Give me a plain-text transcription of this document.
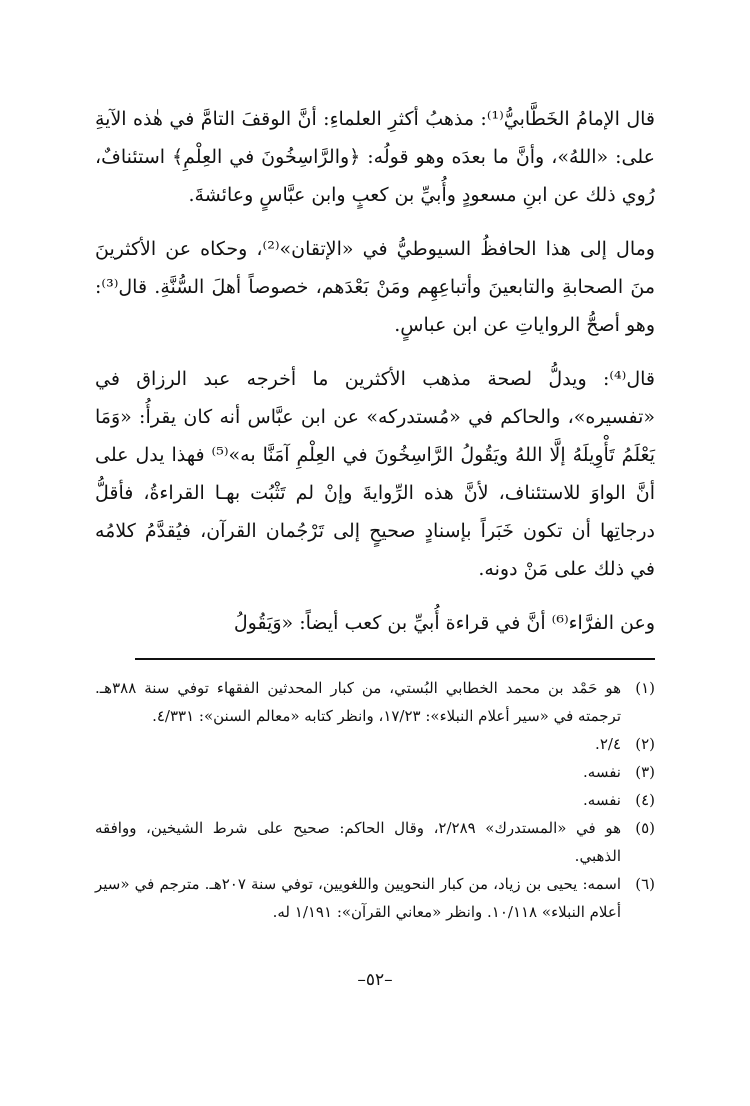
قال الإمامُ الخَطَّابيُّ⁽¹⁾: مذهبُ أكثرِ العلماءِ: أنَّ الوقفَ التامَّ في هٰذه الآيةِ على: «اللهُ»، وأنَّ ما بعدَه وهو قولُه: ﴿والرَّاسِخُونَ في العِلْمِ﴾ استئنافٌ، رُوي ذلك عن ابنِ مسعودٍ وأُبيِّ بن كعبٍ وابن عبَّاسٍ وعائشةَ.

ومال إلى هذا الحافظُ السيوطيُّ في «الإتقان»⁽²⁾، وحكاه عن الأكثرينَ منَ الصحابةِ والتابعينَ وأتباعِهِم ومَنْ بَعْدَهم، خصوصاً أهلَ السُّنَّةِ. قال⁽³⁾: وهو أصحُّ الرواياتِ عن ابن عباسٍ.

قال⁽⁴⁾: ويدلُّ لصحة مذهب الأكثرين ما أخرجه عبد الرزاق في «تفسيره»، والحاكم في «مُستدركه» عن ابن عبَّاس أنه كان يقرأُ: «وَمَا يَعْلَمُ تَأْوِيلَهُ إلَّا اللهُ ويَقُولُ الرَّاسِخُونَ في العِلْمِ آمَنَّا به»⁽⁵⁾ فهذا يدل على أنَّ الواوَ للاستئناف، لأنَّ هذه الرِّوايةَ وإنْ لم تَثْبُت بهـا القراءةُ، فأقلُّ درجاتِها أن تكون خَبَراً بإسنادٍ صحيحٍ إلى تَرْجُمان القرآن، فيُقدَّمُ كلامُه في ذلك على مَنْ دونه.

وعن الفرَّاء⁽⁶⁾ أنَّ في قراءة أُبيِّ بن كعب أيضاً: «وَيَقُولُ

(١)
هو حَمْد بن محمد الخطابي البُستي، من كبار المحدثين الفقهاء توفي سنة ٣٨٨هـ. ترجمته في «سير أعلام النبلاء»: ١٧/٢٣، وانظر كتابه «معالم السنن»: ٤/٣٣١.
(٢)
٢/٤.
(٣)
نفسه.
(٤)
نفسه.
(٥)
هو في «المستدرك» ٢/٢٨٩، وقال الحاكم: صحيح على شرط الشيخين، ووافقه الذهبي.
(٦)
اسمه: يحيى بن زياد، من كبار النحويين واللغويين، توفي سنة ٢٠٧هـ. مترجم في «سير أعلام النبلاء» ١٠/١١٨. وانظر «معاني القرآن»: ١/١٩١ له.
–٥٢–
